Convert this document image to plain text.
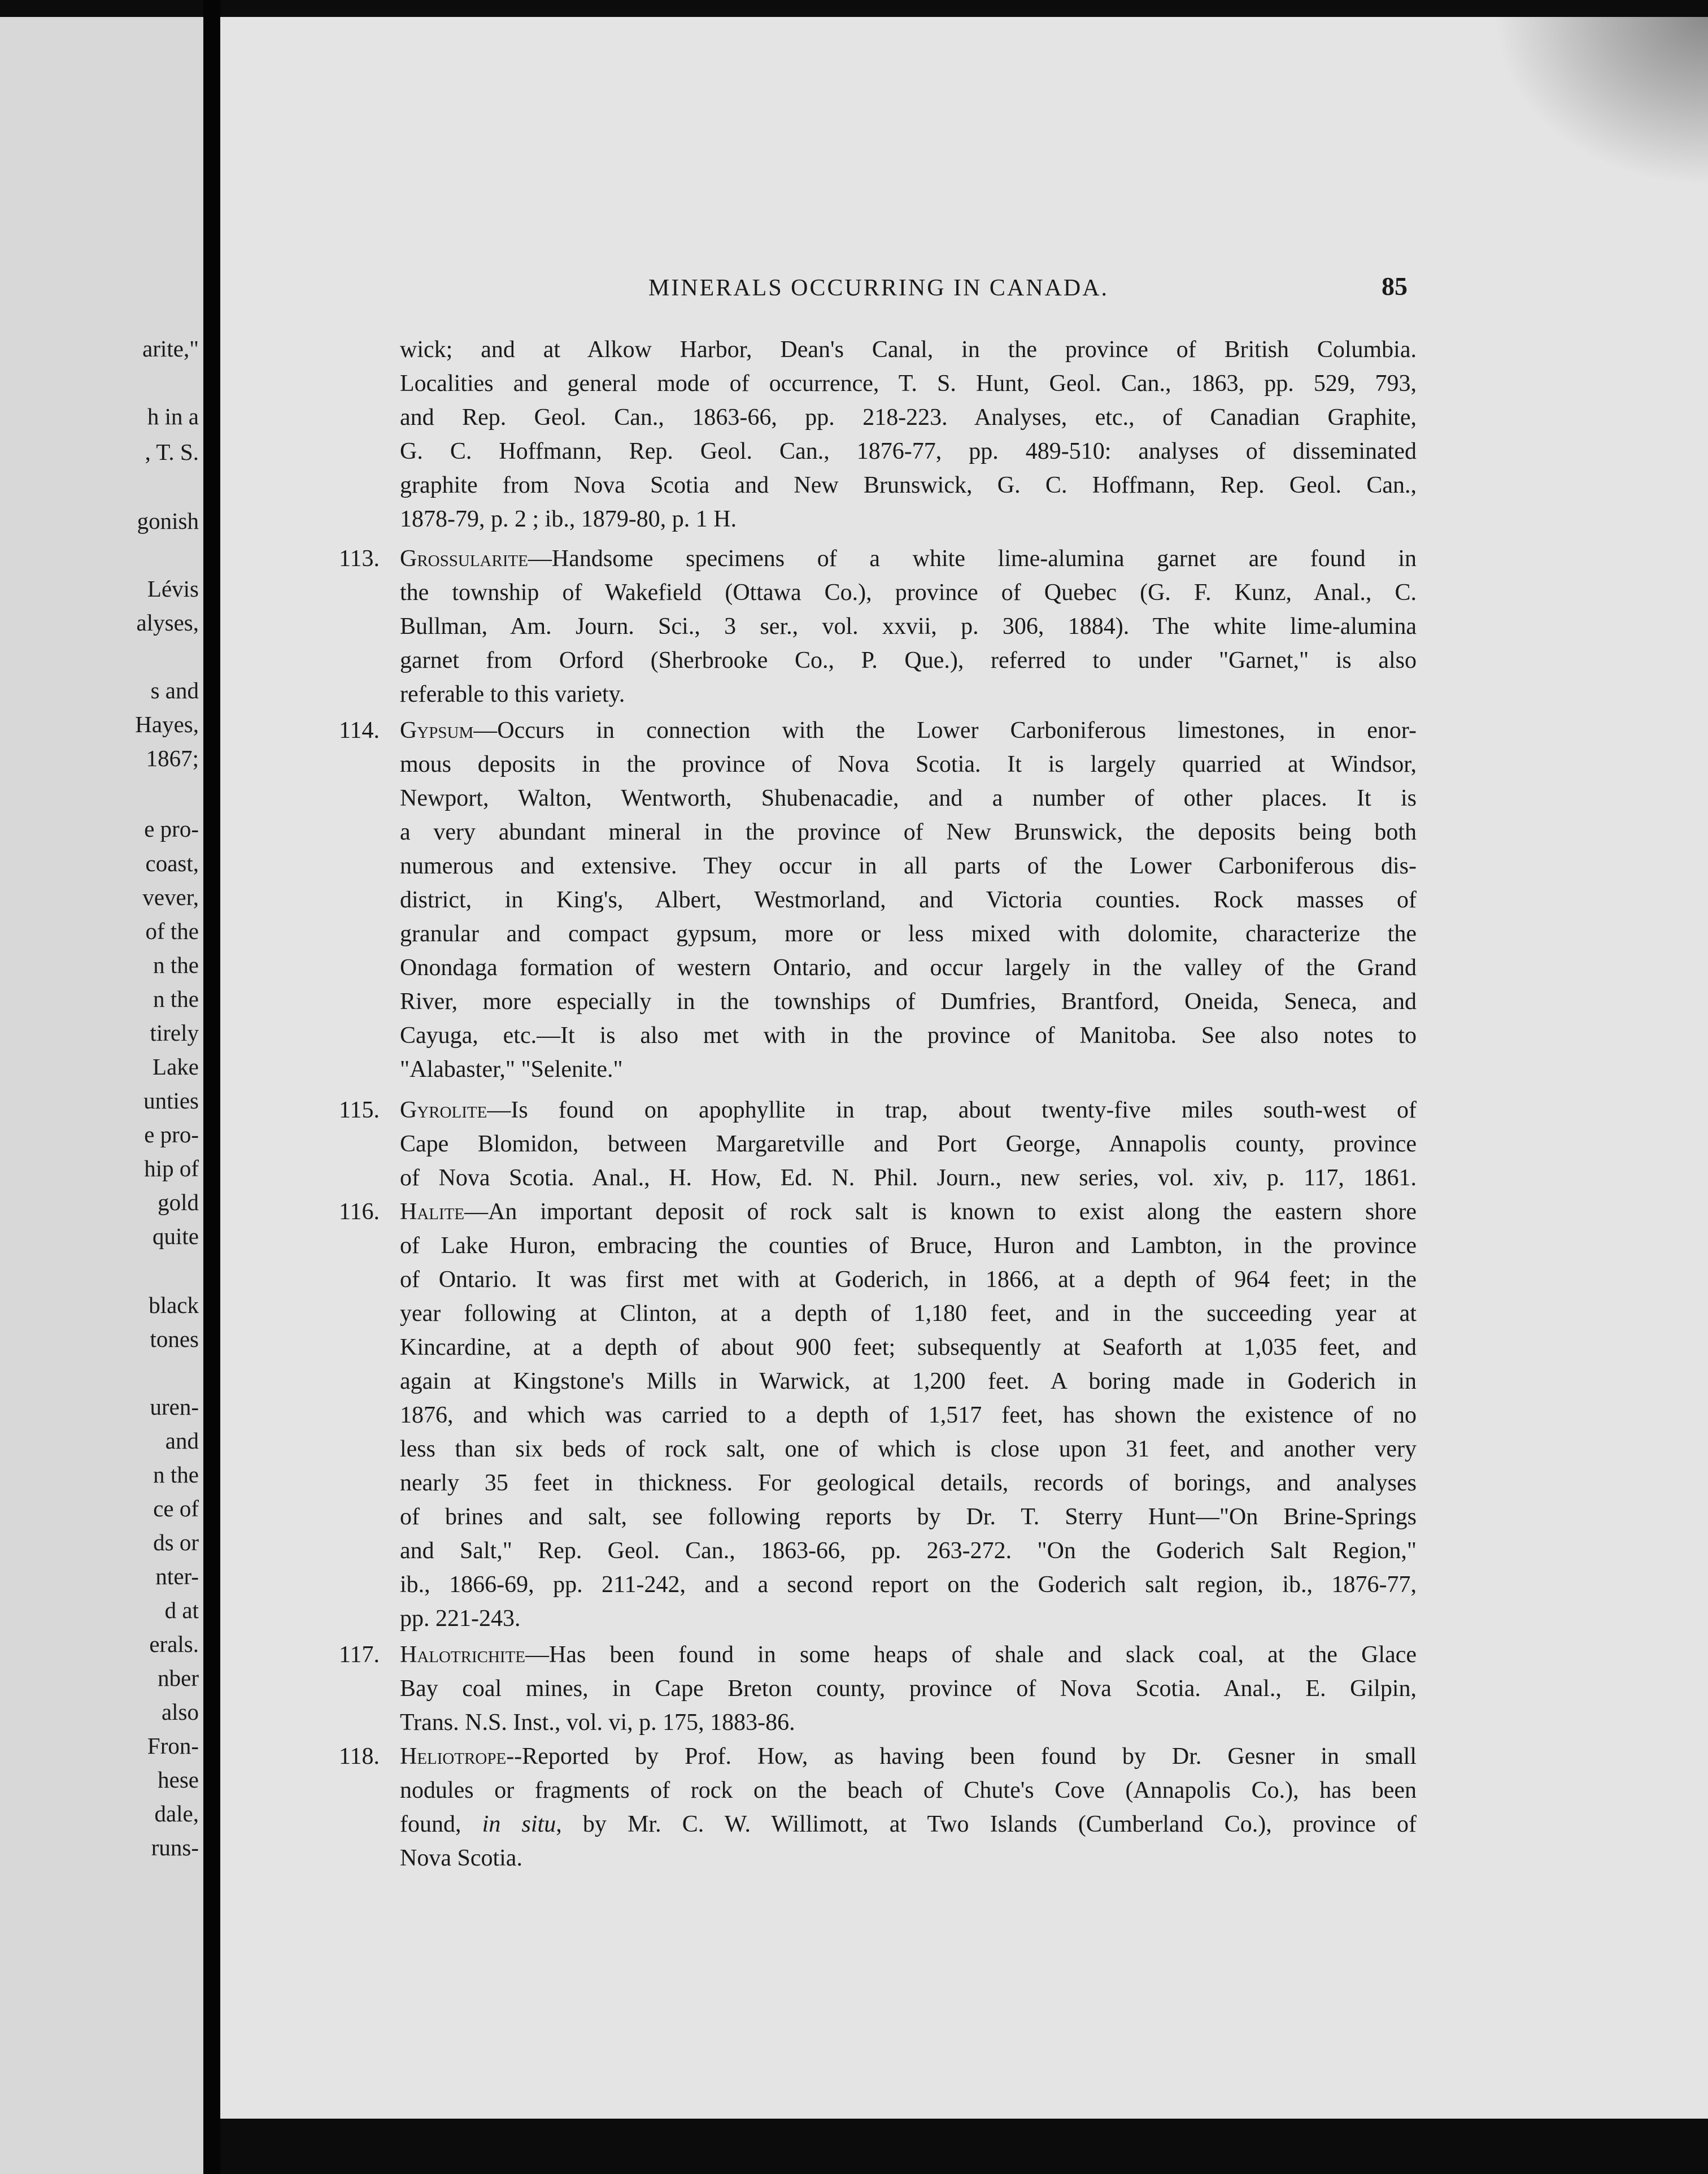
arite,"
h in a
, T. S.
gonish
Lévis
alyses,
s and
Hayes,
1867;
e pro-
coast,
vever,
of the
n the
n the
tirely
Lake
unties
e pro-
hip of
gold
quite
black
tones
uren-
and
n the
ce of
ds or
nter-
d at
erals.
nber
also
Fron-
hese
dale,
runs-
MINERALS OCCURRING IN CANADA.	85
wick; and at Alkow Harbor, Dean's Canal, in the province of British Columbia.
Localities and general mode of occurrence, T. S. Hunt, Geol. Can., 1863, pp. 529, 793,
and Rep. Geol. Can., 1863-66, pp. 218-223. Analyses, etc., of Canadian Graphite,
G. C. Hoffmann, Rep. Geol. Can., 1876-77, pp. 489-510: analyses of disseminated
graphite from Nova Scotia and New Brunswick, G. C. Hoffmann, Rep. Geol. Can.,
1878-79, p. 2 ; ib., 1879-80, p. 1 H.
113. Grossularite—Handsome specimens of a white lime-alumina garnet are found in
the township of Wakefield (Ottawa Co.), province of Quebec (G. F. Kunz, Anal., C.
Bullman, Am. Journ. Sci., 3 ser., vol. xxvii, p. 306, 1884). The white lime-alumina
garnet from Orford (Sherbrooke Co., P. Que.), referred to under "Garnet," is also
referable to this variety.
114. Gypsum—Occurs in connection with the Lower Carboniferous limestones, in enor-
mous deposits in the province of Nova Scotia. It is largely quarried at Windsor,
Newport, Walton, Wentworth, Shubenacadie, and a number of other places. It is
a very abundant mineral in the province of New Brunswick, the deposits being both
numerous and extensive. They occur in all parts of the Lower Carboniferous dis-
district, in King's, Albert, Westmorland, and Victoria counties. Rock masses of
granular and compact gypsum, more or less mixed with dolomite, characterize the
Onondaga formation of western Ontario, and occur largely in the valley of the Grand
River, more especially in the townships of Dumfries, Brantford, Oneida, Seneca, and
Cayuga, etc.—It is also met with in the province of Manitoba. See also notes to
"Alabaster," "Selenite."
115. Gyrolite—Is found on apophyllite in trap, about twenty-five miles south-west of
Cape Blomidon, between Margaretville and Port George, Annapolis county, province
of Nova Scotia. Anal., H. How, Ed. N. Phil. Journ., new series, vol. xiv, p. 117, 1861.
116. Halite—An important deposit of rock salt is known to exist along the eastern shore
of Lake Huron, embracing the counties of Bruce, Huron and Lambton, in the province
of Ontario. It was first met with at Goderich, in 1866, at a depth of 964 feet; in the
year following at Clinton, at a depth of 1,180 feet, and in the succeeding year at
Kincardine, at a depth of about 900 feet; subsequently at Seaforth at 1,035 feet, and
again at Kingstone's Mills in Warwick, at 1,200 feet. A boring made in Goderich in
1876, and which was carried to a depth of 1,517 feet, has shown the existence of no
less than six beds of rock salt, one of which is close upon 31 feet, and another very
nearly 35 feet in thickness. For geological details, records of borings, and analyses
of brines and salt, see following reports by Dr. T. Sterry Hunt—"On Brine-Springs
and Salt," Rep. Geol. Can., 1863-66, pp. 263-272. "On the Goderich Salt Region,"
ib., 1866-69, pp. 211-242, and a second report on the Goderich salt region, ib., 1876-77,
pp. 221-243.
117. Halotrichite—Has been found in some heaps of shale and slack coal, at the Glace
Bay coal mines, in Cape Breton county, province of Nova Scotia. Anal., E. Gilpin,
Trans. N.S. Inst., vol. vi, p. 175, 1883-86.
118. Heliotrope--Reported by Prof. How, as having been found by Dr. Gesner in small
nodules or fragments of rock on the beach of Chute's Cove (Annapolis Co.), has been
found, in situ, by Mr. C. W. Willimott, at Two Islands (Cumberland Co.), province of
Nova Scotia.
